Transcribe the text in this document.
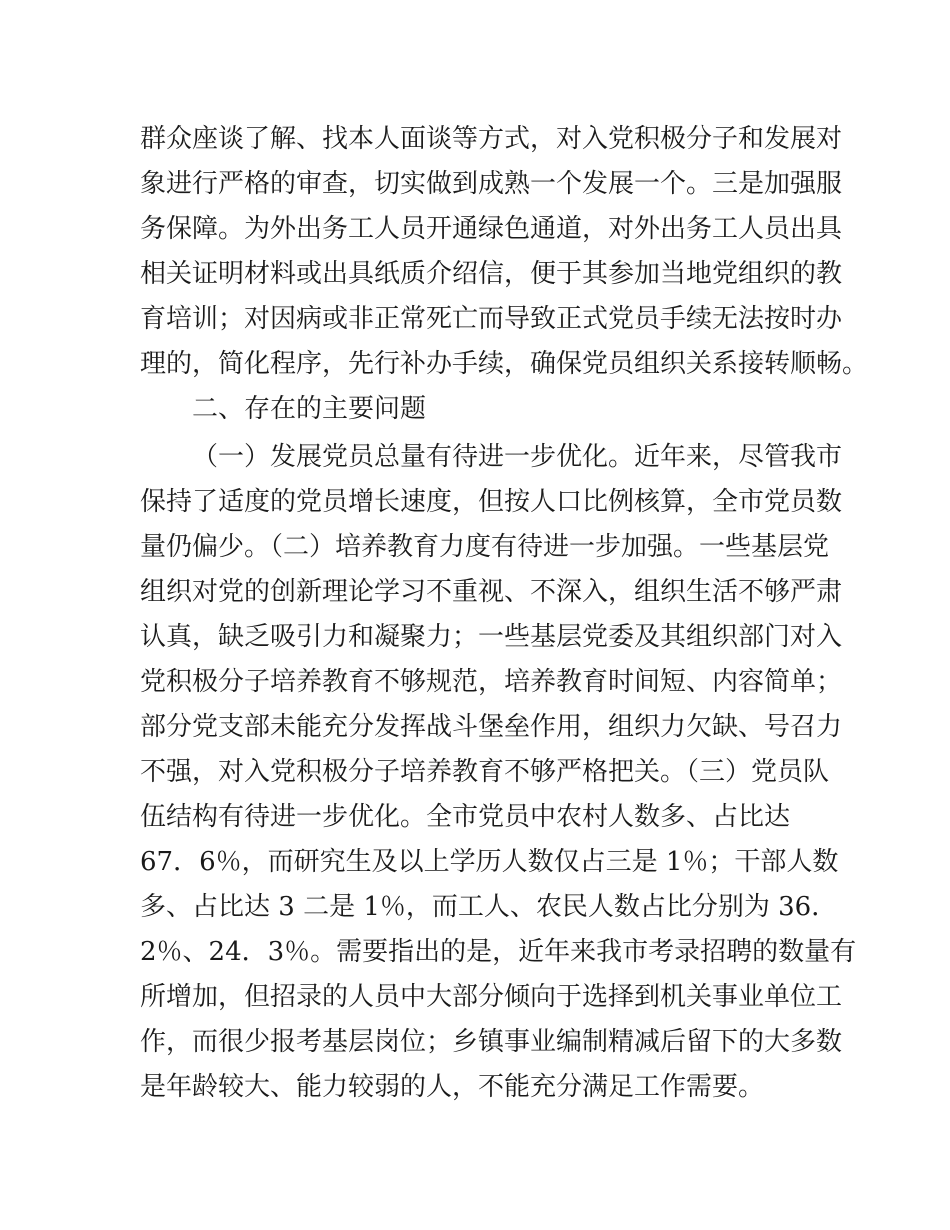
群众座谈了解、找本人面谈等方式，对入党积极分子和发展对
象进行严格的审查，切实做到成熟一个发展一个。三是加强服
务保障。为外出务工人员开通绿色通道，对外出务工人员出具
相关证明材料或出具纸质介绍信，便于其参加当地党组织的教
育培训；对因病或非正常死亡而导致正式党员手续无法按时办
理的，简化程序，先行补办手续，确保党员组织关系接转顺畅。
二、存在的主要问题
（一）发展党员总量有待进一步优化。近年来，尽管我市
保持了适度的党员增长速度，但按人口比例核算，全市党员数
量仍偏少。（二）培养教育力度有待进一步加强。一些基层党
组织对党的创新理论学习不重视、不深入，组织生活不够严肃
认真，缺乏吸引力和凝聚力；一些基层党委及其组织部门对入
党积极分子培养教育不够规范，培养教育时间短、内容简单；
部分党支部未能充分发挥战斗堡垒作用，组织力欠缺、号召力
不强，对入党积极分子培养教育不够严格把关。（三）党员队
伍结构有待进一步优化。全市党员中农村人数多、占比达
67．6％，而研究生及以上学历人数仅占三是 1％；干部人数
多、占比达 3 二是 1％，而工人、农民人数占比分别为 36．
2％、24．3％。需要指出的是，近年来我市考录招聘的数量有
所增加，但招录的人员中大部分倾向于选择到机关事业单位工
作，而很少报考基层岗位；乡镇事业编制精减后留下的大多数
是年龄较大、能力较弱的人，不能充分满足工作需要。
